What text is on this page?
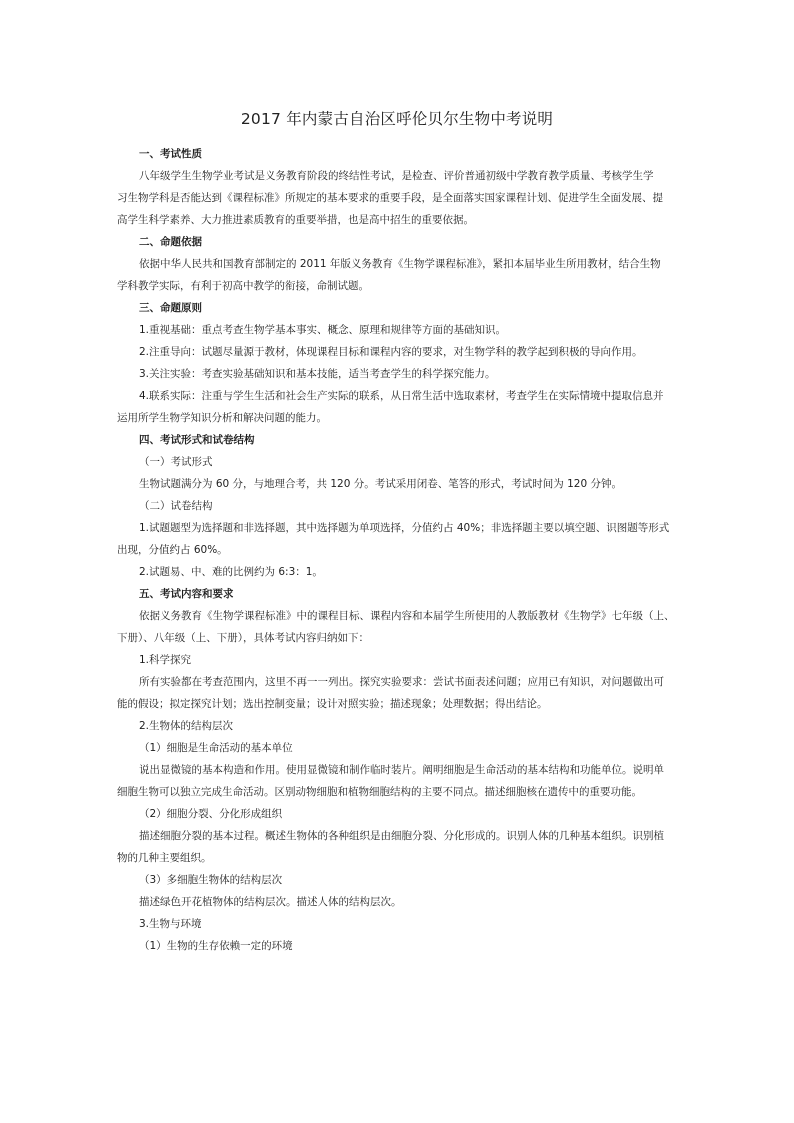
2017 年内蒙古自治区呼伦贝尔生物中考说明
一、考试性质
八年级学生生物学业考试是义务教育阶段的终结性考试，是检查、评价普通初级中学教育教学质量、考核学生学
习生物学科是否能达到《课程标准》所规定的基本要求的重要手段，是全面落实国家课程计划、促进学生全面发展、提
高学生科学素养、大力推进素质教育的重要举措，也是高中招生的重要依据。
二、命题依据
依据中华人民共和国教育部制定的 2011 年版义务教育《生物学课程标准》，紧扣本届毕业生所用教材，结合生物
学科教学实际，有利于初高中教学的衔接，命制试题。
三、命题原则
1.重视基础：重点考查生物学基本事实、概念、原理和规律等方面的基础知识。
2.注重导向：试题尽量源于教材，体现课程目标和课程内容的要求，对生物学科的教学起到积极的导向作用。
3.关注实验：考查实验基础知识和基本技能，适当考查学生的科学探究能力。
4.联系实际：注重与学生生活和社会生产实际的联系，从日常生活中选取素材，考查学生在实际情境中提取信息并
运用所学生物学知识分析和解决问题的能力。
四、考试形式和试卷结构
（一）考试形式
生物试题满分为 60 分，与地理合考，共 120 分。考试采用闭卷、笔答的形式，考试时间为 120 分钟。
（二）试卷结构
1.试题题型为选择题和非选择题，其中选择题为单项选择，分值约占 40%；非选择题主要以填空题、识图题等形式
出现，分值约占 60%。
2.试题易、中、难的比例约为 6:3：1。
五、考试内容和要求
依据义务教育《生物学课程标准》中的课程目标、课程内容和本届学生所使用的人教版教材《生物学》七年级（上、
下册）、八年级（上、下册），具体考试内容归纳如下：
1.科学探究
所有实验都在考查范围内，这里不再一一列出。探究实验要求：尝试书面表述问题；应用已有知识，对问题做出可
能的假设；拟定探究计划；选出控制变量；设计对照实验；描述现象；处理数据；得出结论。
2.生物体的结构层次
（1）细胞是生命活动的基本单位
说出显微镜的基本构造和作用。使用显微镜和制作临时装片。阐明细胞是生命活动的基本结构和功能单位。说明单
细胞生物可以独立完成生命活动。区别动物细胞和植物细胞结构的主要不同点。描述细胞核在遗传中的重要功能。
（2）细胞分裂、分化形成组织
描述细胞分裂的基本过程。概述生物体的各种组织是由细胞分裂、分化形成的。识别人体的几种基本组织。识别植
物的几种主要组织。
（3）多细胞生物体的结构层次
描述绿色开花植物体的结构层次。描述人体的结构层次。
3.生物与环境
（1）生物的生存依赖一定的环境
